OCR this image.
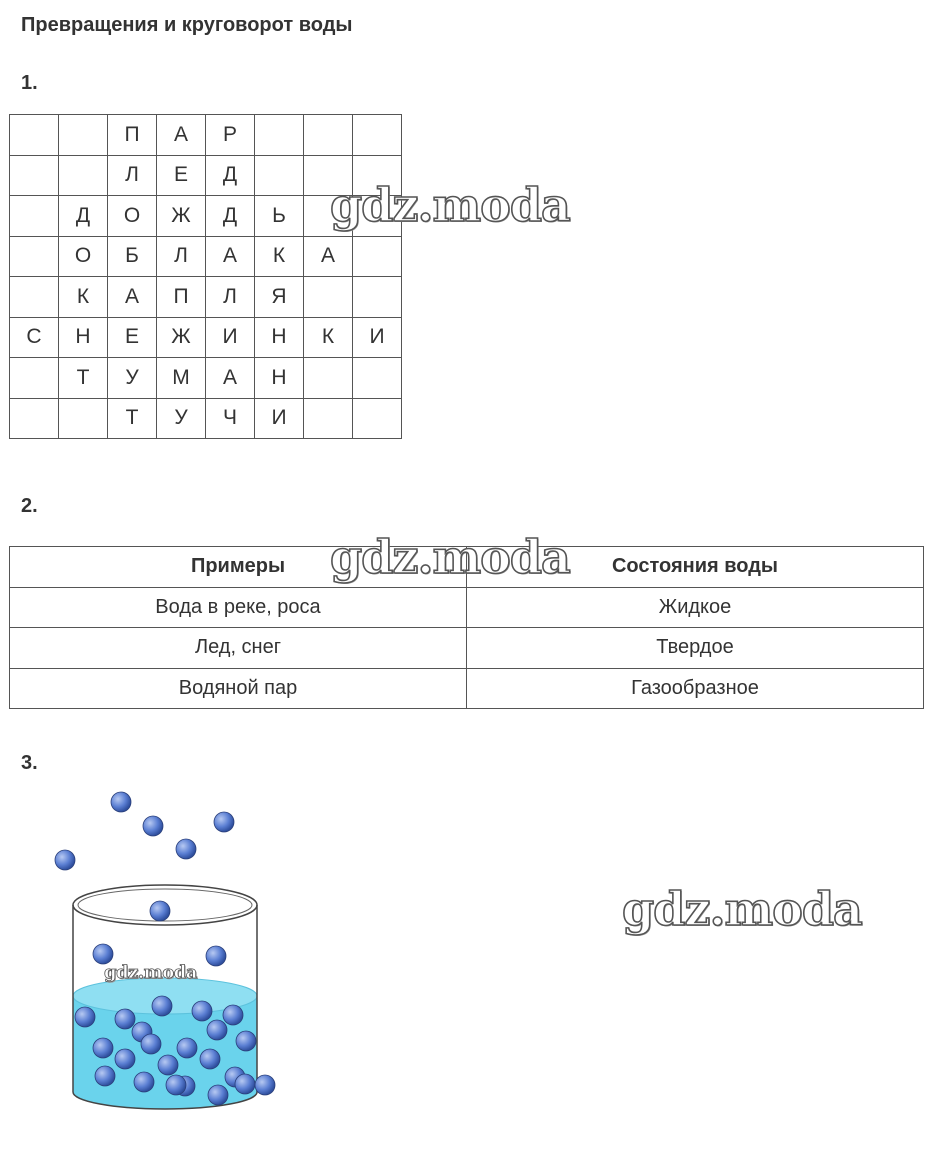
Превращения и круговорот воды
1.
		П	А	Р			
		Л	Е	Д			
	Д	О	Ж	Д	Ь		
	О	Б	Л	А	К	А	
	К	А	П	Л	Я		
С	Н	Е	Ж	И	Н	К	И
	Т	У	М	А	Н		
		Т	У	Ч	И		
2.
Примеры	Состояния воды
Вода в реке, роса	Жидкое
Лед, снег	Твердое
Водяной пар	Газообразное
3.
gdz.moda
gdz.moda
gdz.moda
gdz.moda
